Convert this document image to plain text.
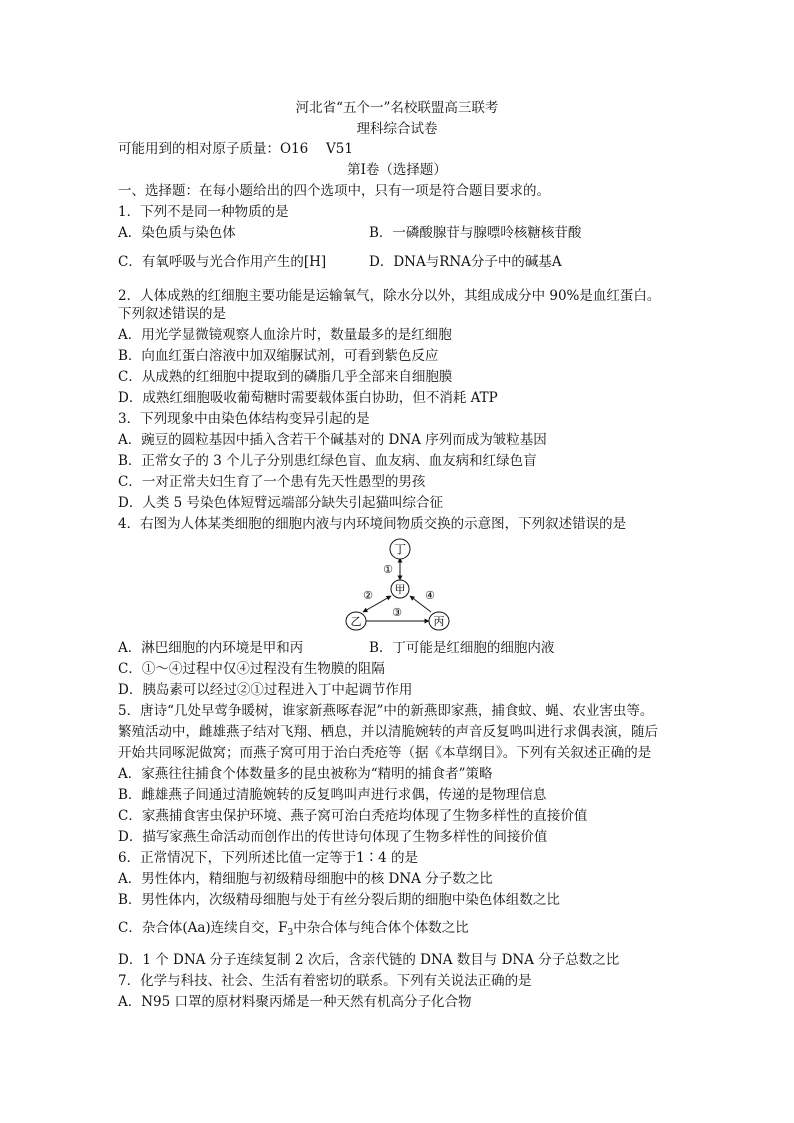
河北省“五个一”名校联盟高三联考
理科综合试卷
可能用到的相对原子质量：O16　 V51
第Ⅰ卷（选择题）
一、选择题：在每小题给出的四个选项中，只有一项是符合题目要求的。
1．下列不是同一种物质的是
A．染色质与染色体	B．一磷酸腺苷与腺嘌呤核糖核苷酸
C．有氧呼吸与光合作用产生的[H]	D．DNA与RNA分子中的碱基A
2．人体成熟的红细胞主要功能是运输氧气，除水分以外，其组成成分中 90%是血红蛋白。
下列叙述错误的是
A．用光学显微镜观察人血涂片时，数量最多的是红细胞
B．向血红蛋白溶液中加双缩脲试剂，可看到紫色反应
C．从成熟的红细胞中提取到的磷脂几乎全部来自细胞膜
D．成熟红细胞吸收葡萄糖时需要载体蛋白协助，但不消耗 ATP
3．下列现象中由染色体结构变异引起的是
A．豌豆的圆粒基因中插入含若干个碱基对的 DNA 序列而成为皱粒基因
B．正常女子的 3 个儿子分别患红绿色盲、血友病、血友病和红绿色盲
C．一对正常夫妇生育了一个患有先天性愚型的男孩
D．人类 5 号染色体短臂远端部分缺失引起猫叫综合征
4．右图为人体某类细胞的细胞内液与内环境间物质交换的示意图，下列叙述错误的是
丁
甲
乙	丙
①
②
③
④
A．淋巴细胞的内环境是甲和丙	B．丁可能是红细胞的细胞内液
C．①～④过程中仅④过程没有生物膜的阻隔
D．胰岛素可以经过②①过程进入丁中起调节作用
5．唐诗“几处早莺争暖树，谁家新燕啄春泥”中的新燕即家燕，捕食蚊、蝇、农业害虫等。
繁殖活动中，雌雄燕子结对飞翔、栖息，并以清脆婉转的声音反复鸣叫进行求偶表演，随后
开始共同啄泥做窝；而燕子窝可用于治白秃疮等（据《本草纲目》。下列有关叙述正确的是
A．家燕往往捕食个体数量多的昆虫被称为“精明的捕食者”策略
B．雌雄燕子间通过清脆婉转的反复鸣叫声进行求偶，传递的是物理信息
C．家燕捕食害虫保护环境、燕子窝可治白秃疮均体现了生物多样性的直接价值
D．描写家燕生命活动而创作出的传世诗句体现了生物多样性的间接价值
6．正常情况下，下列所述比值一定等于1∶4 的是
A．男性体内，精细胞与初级精母细胞中的核 DNA 分子数之比
B．男性体内，次级精母细胞与处于有丝分裂后期的细胞中染色体组数之比
C．杂合体(Aa)连续自交，$F_3$中杂合体与纯合体个体数之比
D．1 个 DNA 分子连续复制 2 次后，含亲代链的 DNA 数目与 DNA 分子总数之比
7．化学与科技、社会、生活有着密切的联系。下列有关说法正确的是
A．N95 口罩的原材料聚丙烯是一种天然有机高分子化合物
